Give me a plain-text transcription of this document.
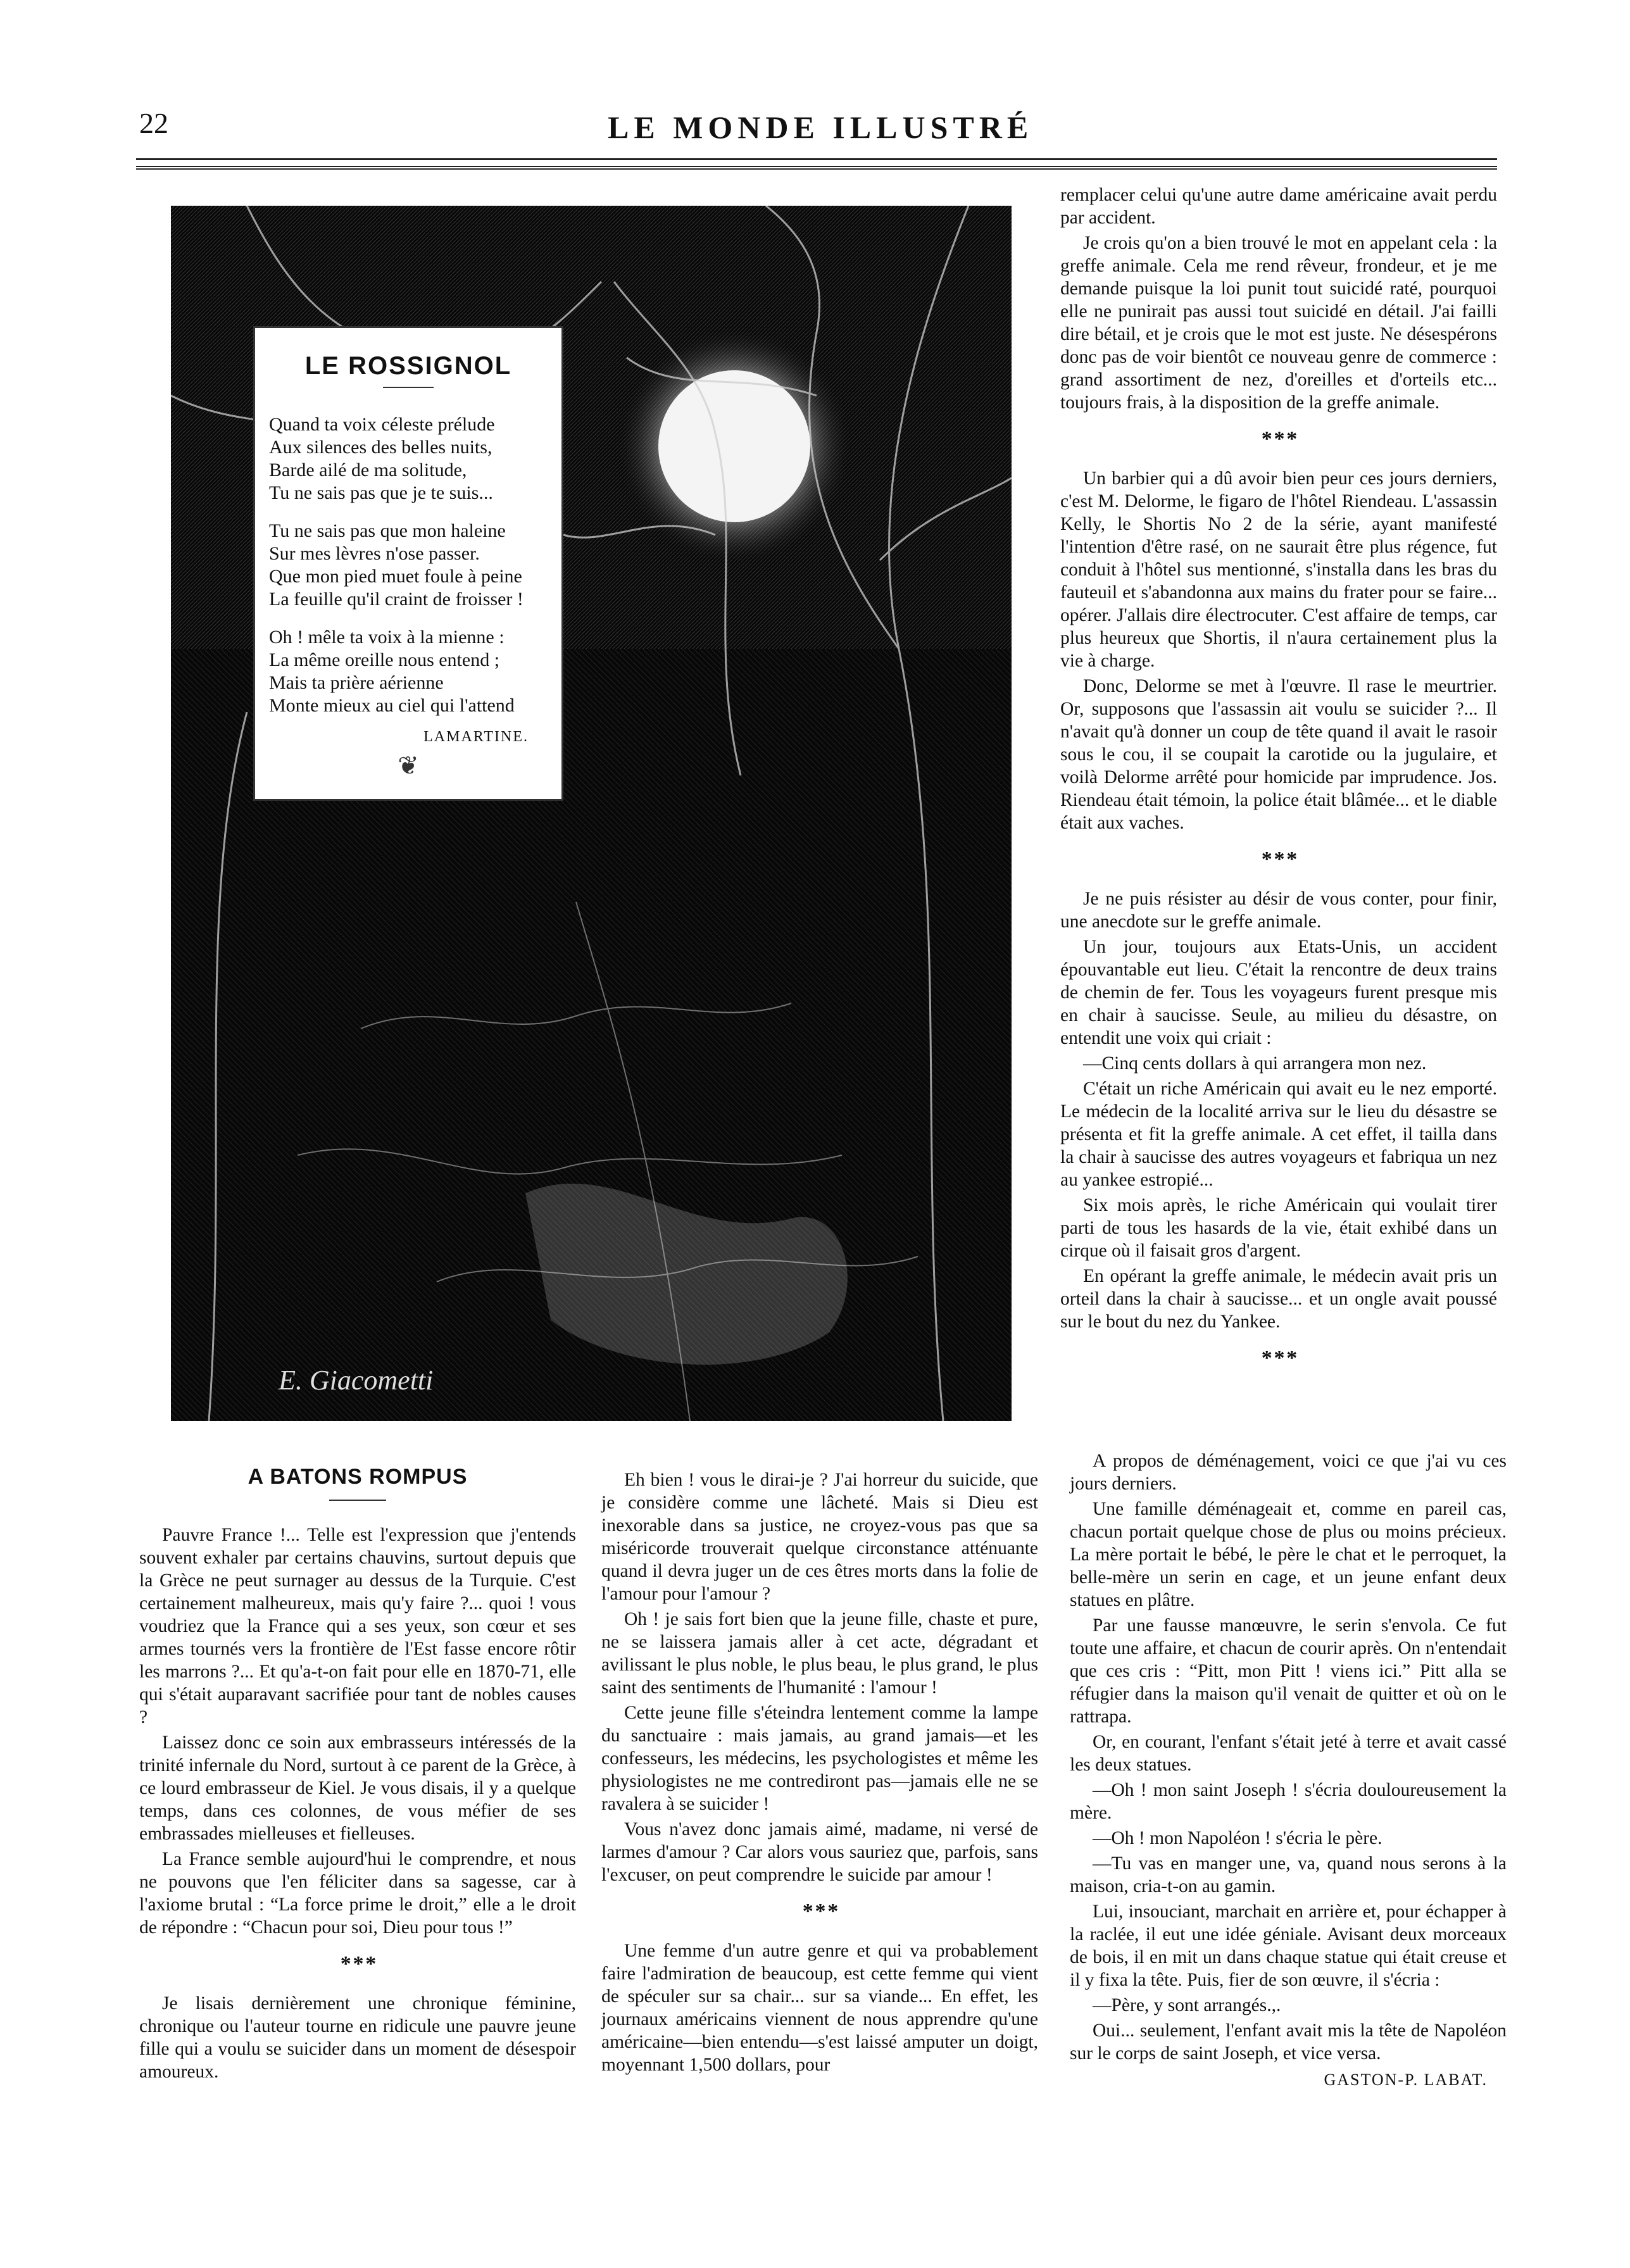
22	LE MONDE ILLUSTRÉ
E. Giacometti
LE ROSSIGNOL
Quand ta voix céleste prélude
Aux silences des belles nuits,
Barde ailé de ma solitude,
Tu ne sais pas que je te suis...
Tu ne sais pas que mon haleine
Sur mes lèvres n'ose passer.
Que mon pied muet foule à peine
La feuille qu'il craint de froisser !
Oh ! mêle ta voix à la mienne :
La même oreille nous entend ;
Mais ta prière aérienne
Monte mieux au ciel qui l'attend
LAMARTINE.
❦

remplacer celui qu'une autre dame américaine avait perdu par accident.

Je crois qu'on a bien trouvé le mot en appelant cela : la greffe animale. Cela me rend rêveur, frondeur, et je me demande puisque la loi punit tout suicidé raté, pourquoi elle ne punirait pas aussi tout suicidé en détail. J'ai failli dire bétail, et je crois que le mot est juste. Ne désespérons donc pas de voir bientôt ce nouveau genre de commerce : grand assortiment de nez, d'oreilles et d'orteils etc... toujours frais, à la disposition de la greffe animale.

* * *

Un barbier qui a dû avoir bien peur ces jours derniers, c'est M. Delorme, le figaro de l'hôtel Riendeau. L'assassin Kelly, le Shortis No 2 de la série, ayant manifesté l'intention d'être rasé, on ne saurait être plus régence, fut conduit à l'hôtel sus mentionné, s'installa dans les bras du fauteuil et s'abandonna aux mains du frater pour se faire... opérer. J'allais dire électrocuter. C'est affaire de temps, car plus heureux que Shortis, il n'aura certainement plus la vie à charge.

Donc, Delorme se met à l'œuvre. Il rase le meurtrier. Or, supposons que l'assassin ait voulu se suicider ?... Il n'avait qu'à donner un coup de tête quand il avait le rasoir sous le cou, il se coupait la carotide ou la jugulaire, et voilà Delorme arrêté pour homicide par imprudence. Jos. Riendeau était témoin, la police était blâmée... et le diable était aux vaches.

* * *

Je ne puis résister au désir de vous conter, pour finir, une anecdote sur le greffe animale.

Un jour, toujours aux Etats-Unis, un accident épouvantable eut lieu. C'était la rencontre de deux trains de chemin de fer. Tous les voyageurs furent presque mis en chair à saucisse. Seule, au milieu du désastre, on entendit une voix qui criait :

—Cinq cents dollars à qui arrangera mon nez.

C'était un riche Américain qui avait eu le nez emporté. Le médecin de la localité arriva sur le lieu du désastre se présenta et fit la greffe animale. A cet effet, il tailla dans la chair à saucisse des autres voyageurs et fabriqua un nez au yankee estropié...

Six mois après, le riche Américain qui voulait tirer parti de tous les hasards de la vie, était exhibé dans un cirque où il faisait gros d'argent.

En opérant la greffe animale, le médecin avait pris un orteil dans la chair à saucisse... et un ongle avait poussé sur le bout du nez du Yankee.

* * *
A BATONS ROMPUS

Pauvre France !... Telle est l'expression que j'entends souvent exhaler par certains chauvins, surtout depuis que la Grèce ne peut surnager au dessus de la Turquie. C'est certainement malheureux, mais qu'y faire ?... quoi ! vous voudriez que la France qui a ses yeux, son cœur et ses armes tournés vers la frontière de l'Est fasse encore rôtir les marrons ?... Et qu'a-t-on fait pour elle en 1870-71, elle qui s'était auparavant sacrifiée pour tant de nobles causes ?

Laissez donc ce soin aux embrasseurs intéressés de la trinité infernale du Nord, surtout à ce parent de la Grèce, à ce lourd embrasseur de Kiel. Je vous disais, il y a quelque temps, dans ces colonnes, de vous méfier de ses embrassades mielleuses et fielleuses.

La France semble aujourd'hui le comprendre, et nous ne pouvons que l'en féliciter dans sa sagesse, car à l'axiome brutal : “La force prime le droit,” elle a le droit de répondre : “Chacun pour soi, Dieu pour tous !”

* * *

Je lisais dernièrement une chronique féminine, chronique ou l'auteur tourne en ridicule une pauvre jeune fille qui a voulu se suicider dans un moment de désespoir amoureux.

Eh bien ! vous le dirai-je ? J'ai horreur du suicide, que je considère comme une lâcheté. Mais si Dieu est inexorable dans sa justice, ne croyez-vous pas que sa miséricorde trouverait quelque circonstance atténuante quand il devra juger un de ces êtres morts dans la folie de l'amour pour l'amour ?

Oh ! je sais fort bien que la jeune fille, chaste et pure, ne se laissera jamais aller à cet acte, dégradant et avilissant le plus noble, le plus beau, le plus grand, le plus saint des sentiments de l'humanité : l'amour !

Cette jeune fille s'éteindra lentement comme la lampe du sanctuaire : mais jamais, au grand jamais—et les confesseurs, les médecins, les psychologistes et même les physiologistes ne me contrediront pas—jamais elle ne se ravalera à se suicider !

Vous n'avez donc jamais aimé, madame, ni versé de larmes d'amour ? Car alors vous sauriez que, parfois, sans l'excuser, on peut comprendre le suicide par amour !

* * *

Une femme d'un autre genre et qui va probablement faire l'admiration de beaucoup, est cette femme qui vient de spéculer sur sa chair... sur sa viande... En effet, les journaux américains viennent de nous apprendre qu'une américaine—bien entendu—s'est laissé amputer un doigt, moyennant 1,500 dollars, pour

A propos de déménagement, voici ce que j'ai vu ces jours derniers.

Une famille déménageait et, comme en pareil cas, chacun portait quelque chose de plus ou moins précieux. La mère portait le bébé, le père le chat et le perroquet, la belle-mère un serin en cage, et un jeune enfant deux statues en plâtre.

Par une fausse manœuvre, le serin s'envola. Ce fut toute une affaire, et chacun de courir après. On n'entendait que ces cris : “Pitt, mon Pitt ! viens ici.” Pitt alla se réfugier dans la maison qu'il venait de quitter et où on le rattrapa.

Or, en courant, l'enfant s'était jeté à terre et avait cassé les deux statues.

—Oh ! mon saint Joseph ! s'écria douloureusement la mère.

—Oh ! mon Napoléon ! s'écria le père.

—Tu vas en manger une, va, quand nous serons à la maison, cria-t-on au gamin.

Lui, insouciant, marchait en arrière et, pour échapper à la raclée, il eut une idée géniale. Avisant deux morceaux de bois, il en mit un dans chaque statue qui était creuse et il y fixa la tête. Puis, fier de son œuvre, il s'écria :

—Père, y sont arrangés.,.

Oui... seulement, l'enfant avait mis la tête de Napoléon sur le corps de saint Joseph, et vice versa.

GASTON-P. LABAT.
